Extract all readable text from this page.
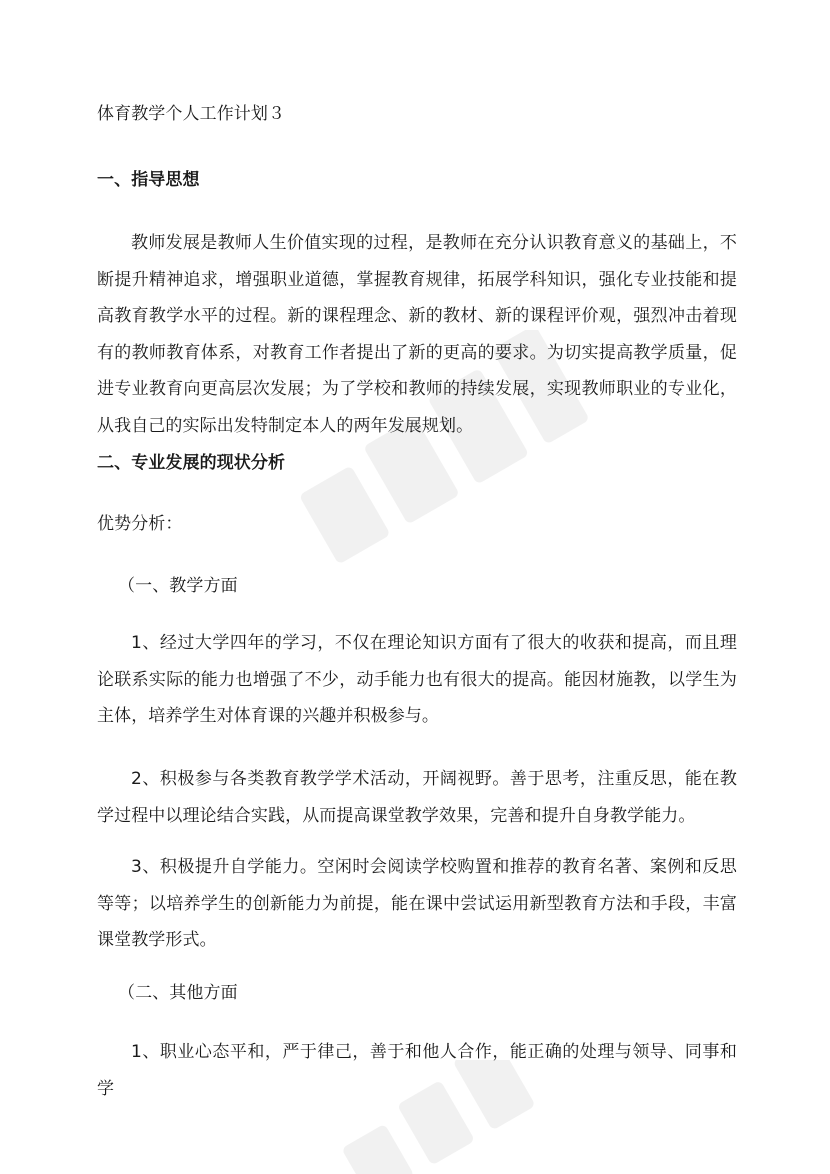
体育教学个人工作计划３
一、指导思想
教师发展是教师人生价值实现的过程，是教师在充分认识教育意义的基础上，不断提升精神追求，增强职业道德，掌握教育规律，拓展学科知识，强化专业技能和提高教育教学水平的过程。新的课程理念、新的教材、新的课程评价观，强烈冲击着现有的教师教育体系，对教育工作者提出了新的更高的要求。为切实提高教学质量，促进专业教育向更高层次发展；为了学校和教师的持续发展，实现教师职业的专业化，从我自己的实际出发特制定本人的两年发展规划。
二、专业发展的现状分析
优势分析：
（一、教学方面
1、经过大学四年的学习，不仅在理论知识方面有了很大的收获和提高，而且理论联系实际的能力也增强了不少，动手能力也有很大的提高。能因材施教，以学生为主体，培养学生对体育课的兴趣并积极参与。
2、积极参与各类教育教学学术活动，开阔视野。善于思考，注重反思，能在教学过程中以理论结合实践，从而提高课堂教学效果，完善和提升自身教学能力。
3、积极提升自学能力。空闲时会阅读学校购置和推荐的教育名著、案例和反思等等；以培养学生的创新能力为前提，能在课中尝试运用新型教育方法和手段，丰富课堂教学形式。
（二、其他方面
1、职业心态平和，严于律己，善于和他人合作，能正确的处理与领导、同事和学
